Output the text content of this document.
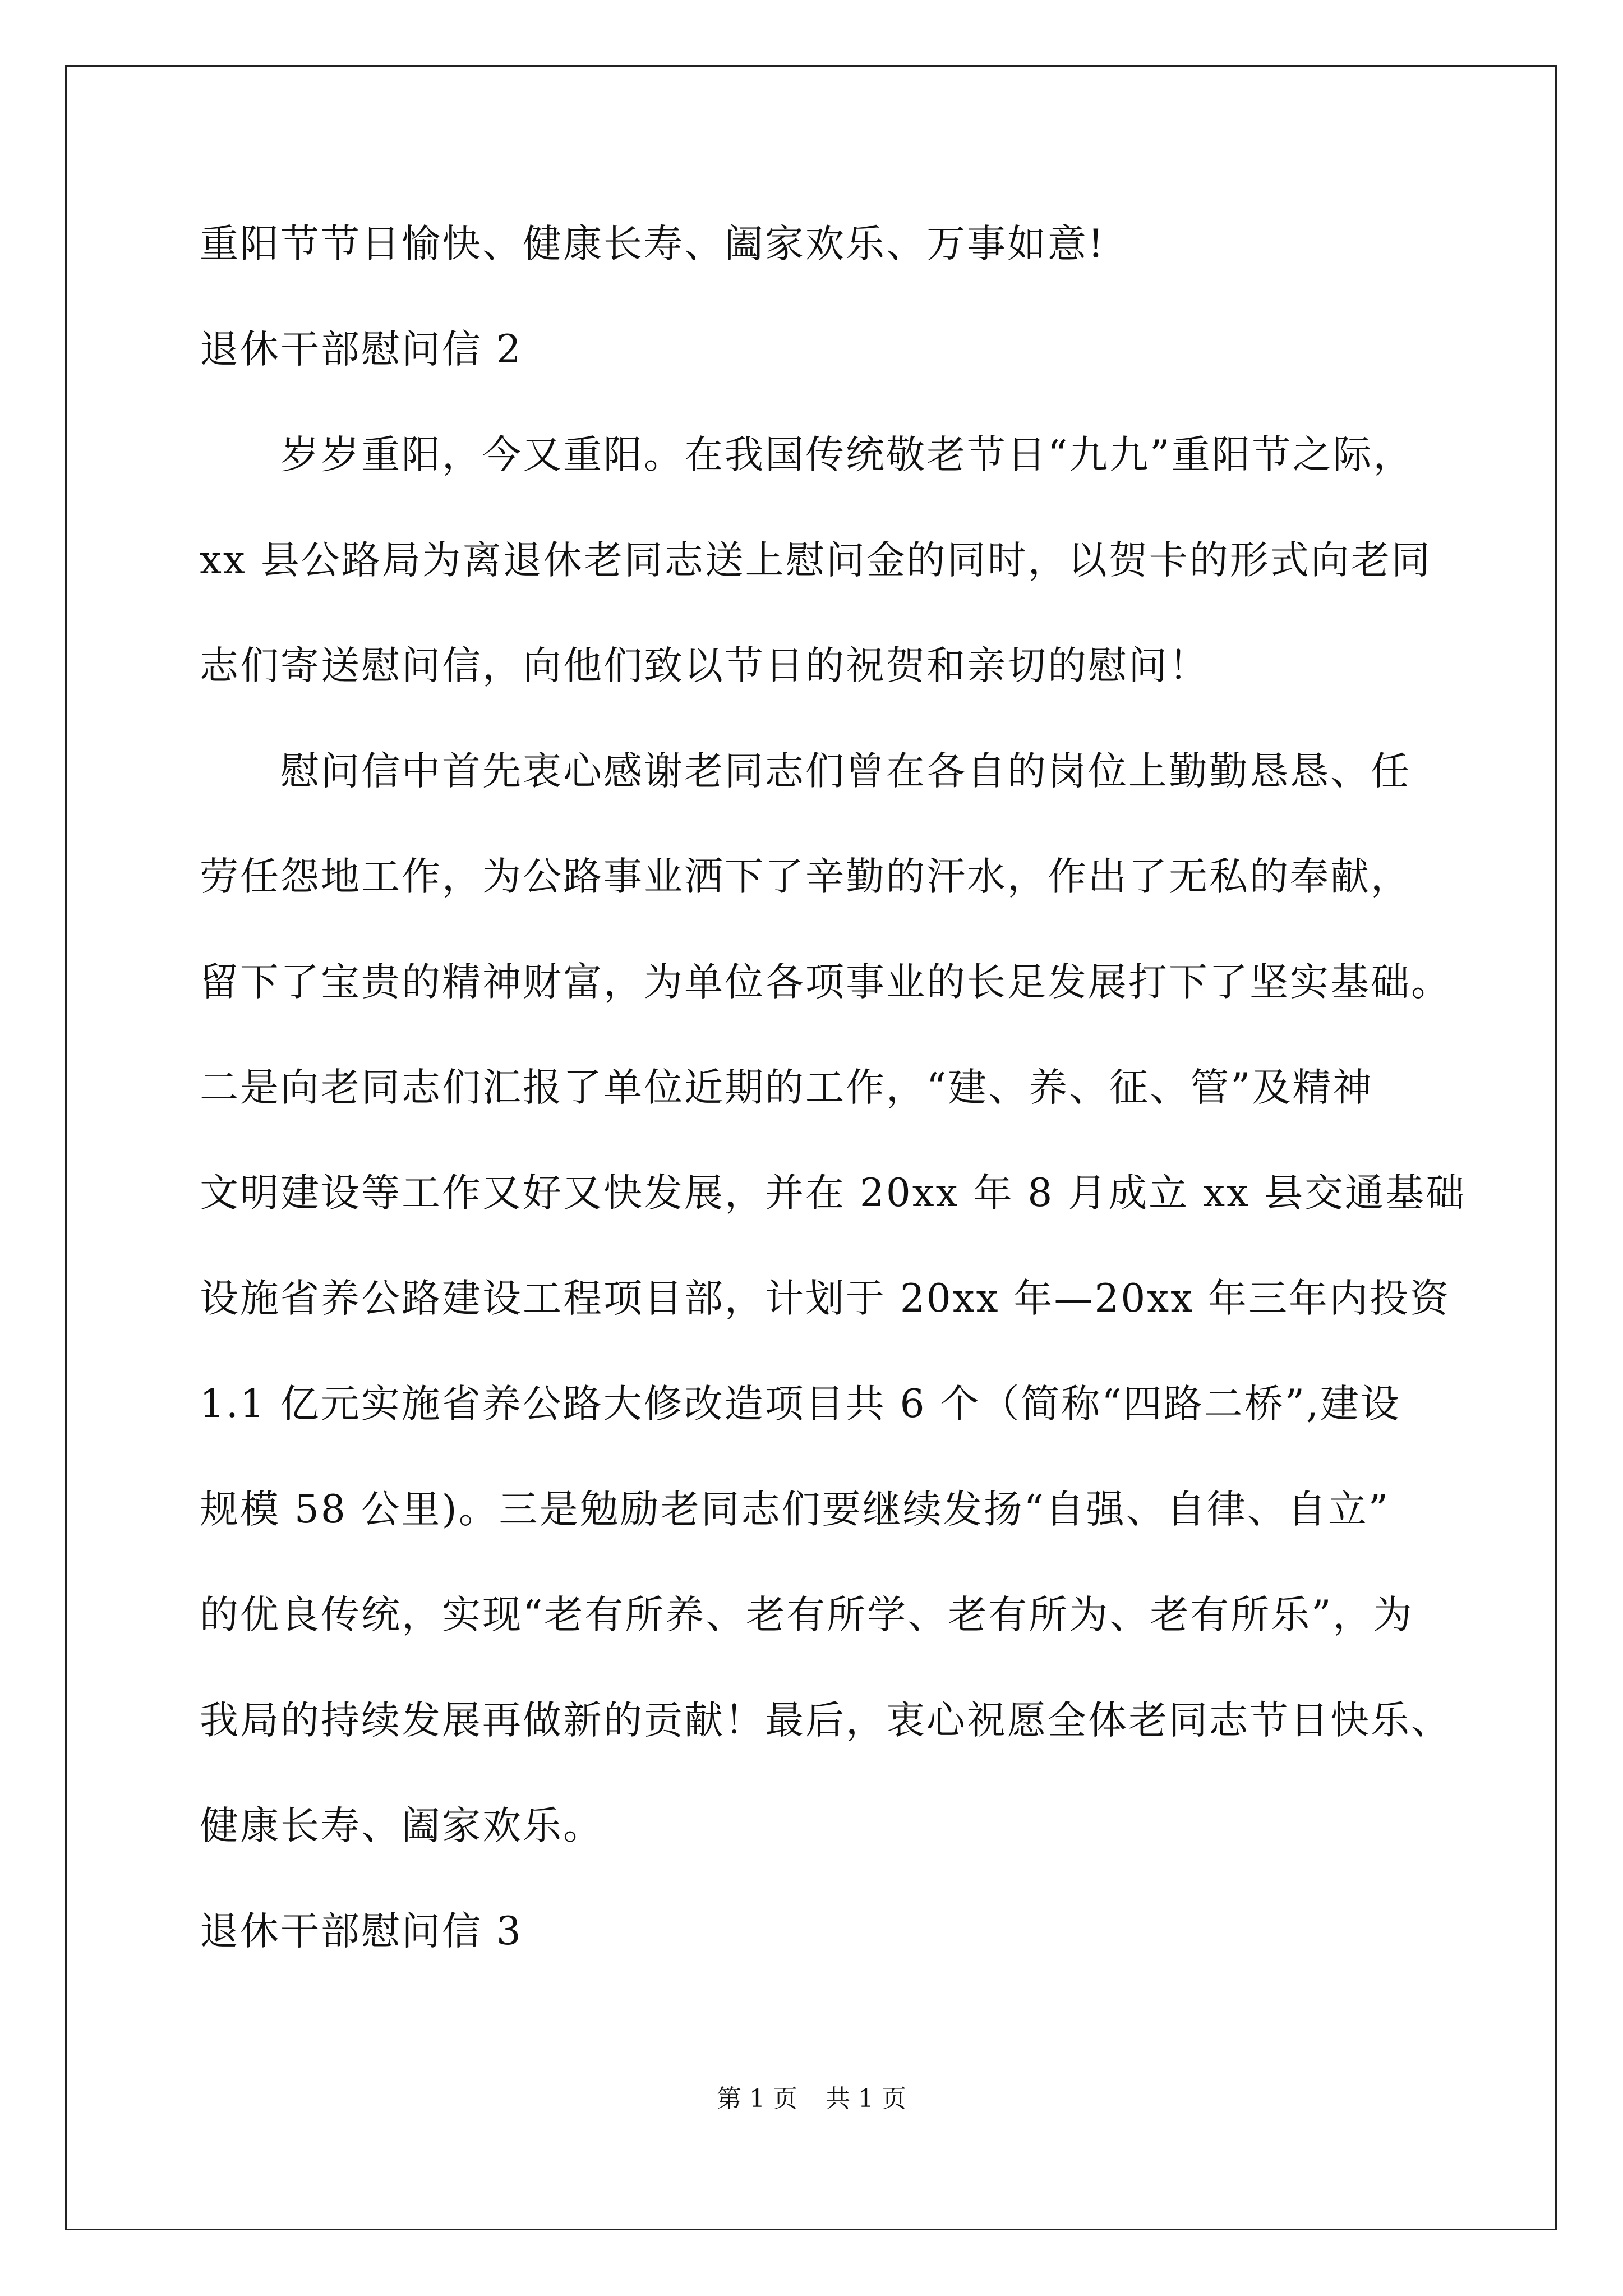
重阳节节日愉快、健康长寿、阖家欢乐、万事如意!
退休干部慰问信 2
　　岁岁重阳，今又重阳。在我国传统敬老节日“九九”重阳节之际，
xx 县公路局为离退休老同志送上慰问金的同时，以贺卡的形式向老同
志们寄送慰问信，向他们致以节日的祝贺和亲切的慰问！
　　慰问信中首先衷心感谢老同志们曾在各自的岗位上勤勤恳恳、任
劳任怨地工作，为公路事业洒下了辛勤的汗水，作出了无私的奉献，
留下了宝贵的精神财富，为单位各项事业的长足发展打下了坚实基础。
二是向老同志们汇报了单位近期的工作，“建、养、征、管”及精神
文明建设等工作又好又快发展，并在 20xx 年 8 月成立 xx 县交通基础
设施省养公路建设工程项目部，计划于 20xx 年—20xx 年三年内投资
1.1 亿元实施省养公路大修改造项目共 6 个（简称“四路二桥”,建设
规模 58 公里)。三是勉励老同志们要继续发扬“自强、自律、自立”
的优良传统，实现“老有所养、老有所学、老有所为、老有所乐”，为
我局的持续发展再做新的贡献！最后，衷心祝愿全体老同志节日快乐、
健康长寿、阖家欢乐。
退休干部慰问信 3
第 1 页 共 1 页
